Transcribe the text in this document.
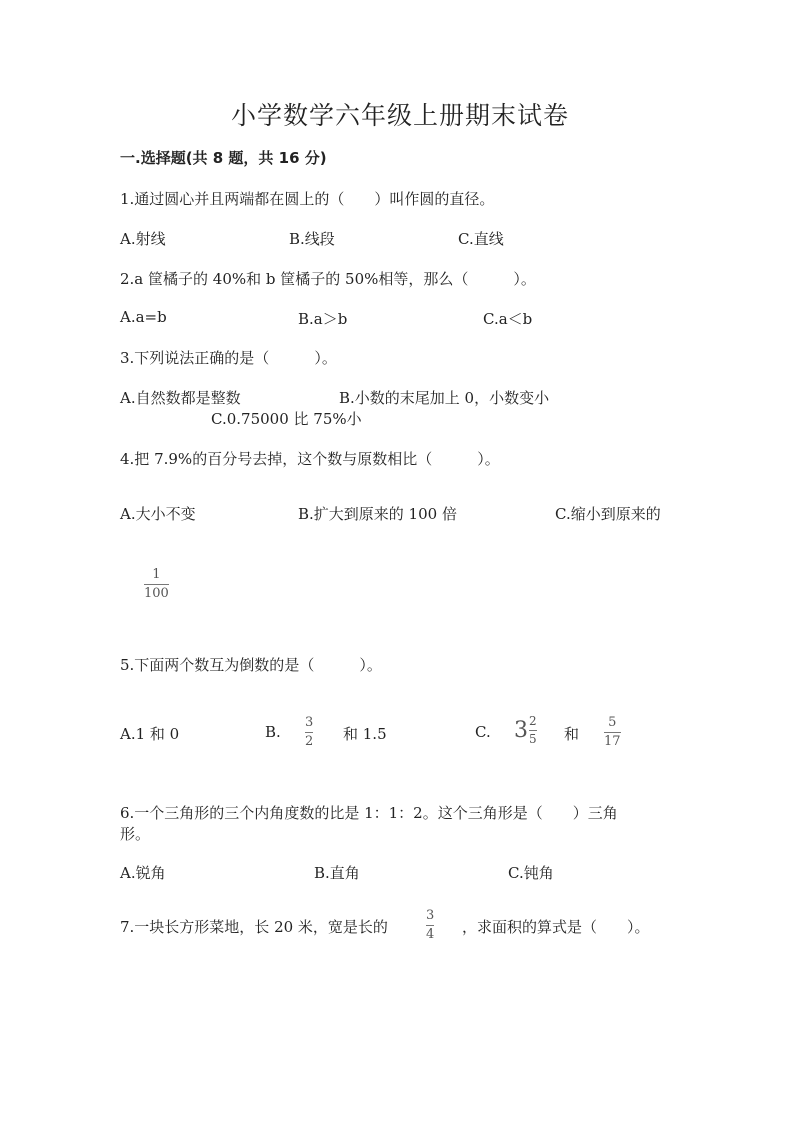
小学数学六年级上册期末试卷
一.选择题(共 8 题，共 16 分)
1.通过圆心并且两端都在圆上的（　　）叫作圆的直径。
A.射线	B.线段	C.直线
2.a 筐橘子的 40%和 b 筐橘子的 50%相等，那么（　　　）。
A.a=b	B.a＞b	C.a＜b
3.下列说法正确的是（　　　）。
A.自然数都是整数	B.小数的末尾加上 0，小数变小
C.0.75000 比 75%小
4.把 7.9%的百分号去掉，这个数与原数相比（　　　）。
A.大小不变	B.扩大到原来的 100 倍	C.缩小到原来的
1
100
5.下面两个数互为倒数的是（　　　）。
A.1 和 0	B.
3
2 和 1.5	C. $3 \frac{2}{5}$ 和
5
17
6.一个三角形的三个内角度数的比是 1：1：2。这个三角形是（　　）三角
形。
A.锐角	B.直角	C.钝角
7.一块长方形菜地，长 20 米，宽是长的
3
4 ，求面积的算式是（　　）。
